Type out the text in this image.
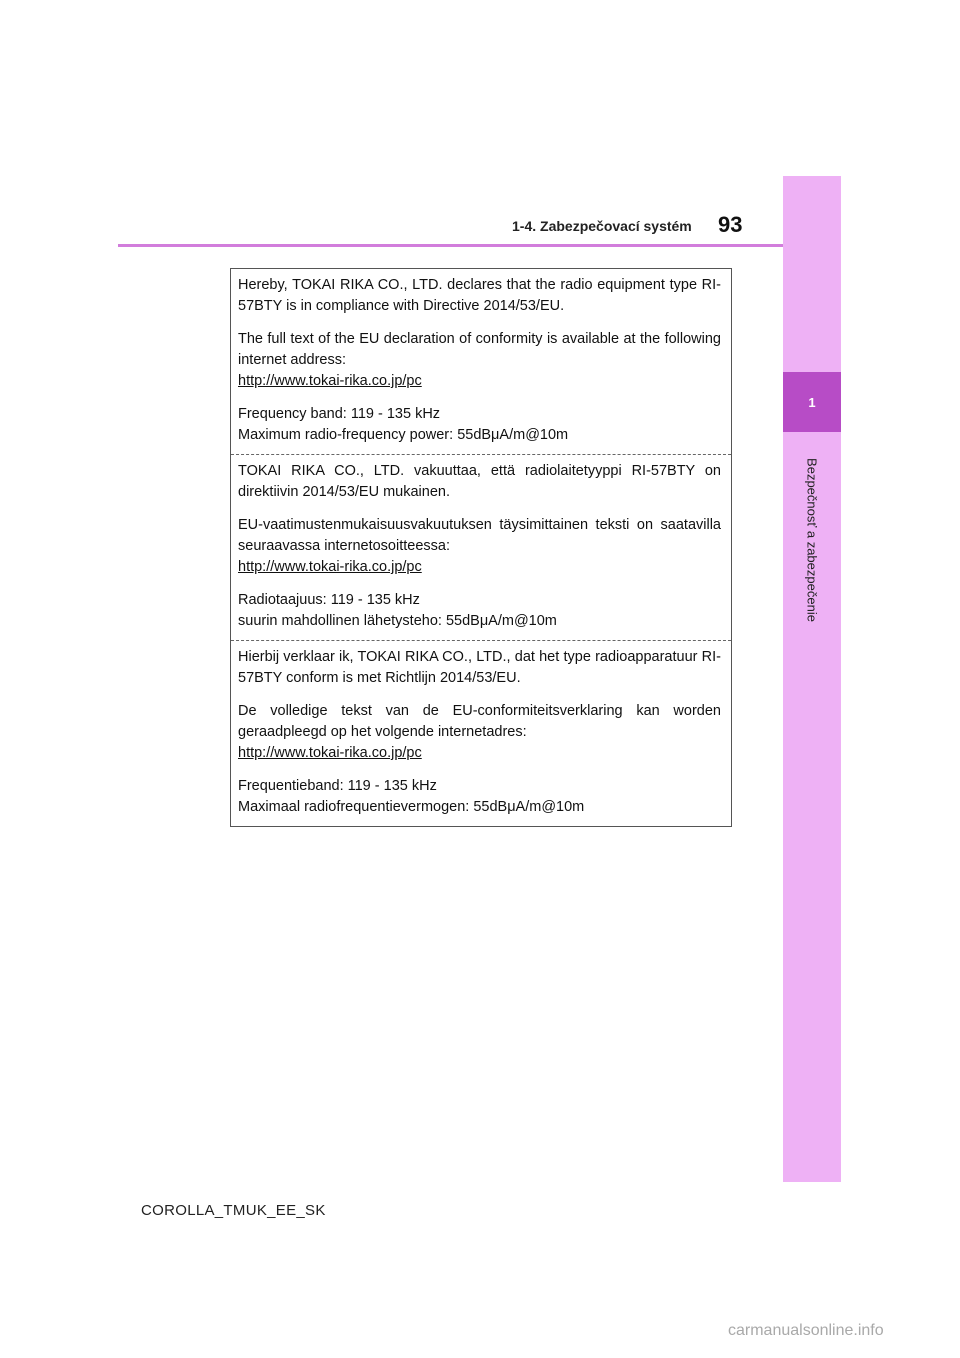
1
Bezpečnosť a zabezpečenie
1-4. Zabezpečovací systém 93

Hereby, TOKAI RIKA CO., LTD. declares that the radio equipment type RI-57BTY is in compliance with Directive 2014/53/EU.

The full text of the EU declaration of conformity is available at the following internet address:

http://www.tokai-rika.co.jp/pc

Frequency band: 119 - 135 kHz

Maximum radio-frequency power: 55dBμA/m@10m

TOKAI RIKA CO., LTD. vakuuttaa, että radiolaitetyyppi RI-57BTY on direktiivin 2014/53/EU mukainen.

EU-vaatimustenmukaisuusvakuutuksen täysimittainen teksti on saatavilla seuraavassa internetosoitteessa:

http://www.tokai-rika.co.jp/pc

Radiotaajuus: 119 - 135 kHz

suurin mahdollinen lähetysteho: 55dBμA/m@10m

Hierbij verklaar ik, TOKAI RIKA CO., LTD., dat het type radioapparatuur RI-57BTY conform is met Richtlijn 2014/53/EU.

De volledige tekst van de EU-conformiteitsverklaring kan worden geraadpleegd op het volgende internetadres:

http://www.tokai-rika.co.jp/pc

Frequentieband: 119 - 135 kHz

Maximaal radiofrequentievermogen: 55dBμA/m@10m

COROLLA_TMUK_EE_SK
carmanualsonline.info
